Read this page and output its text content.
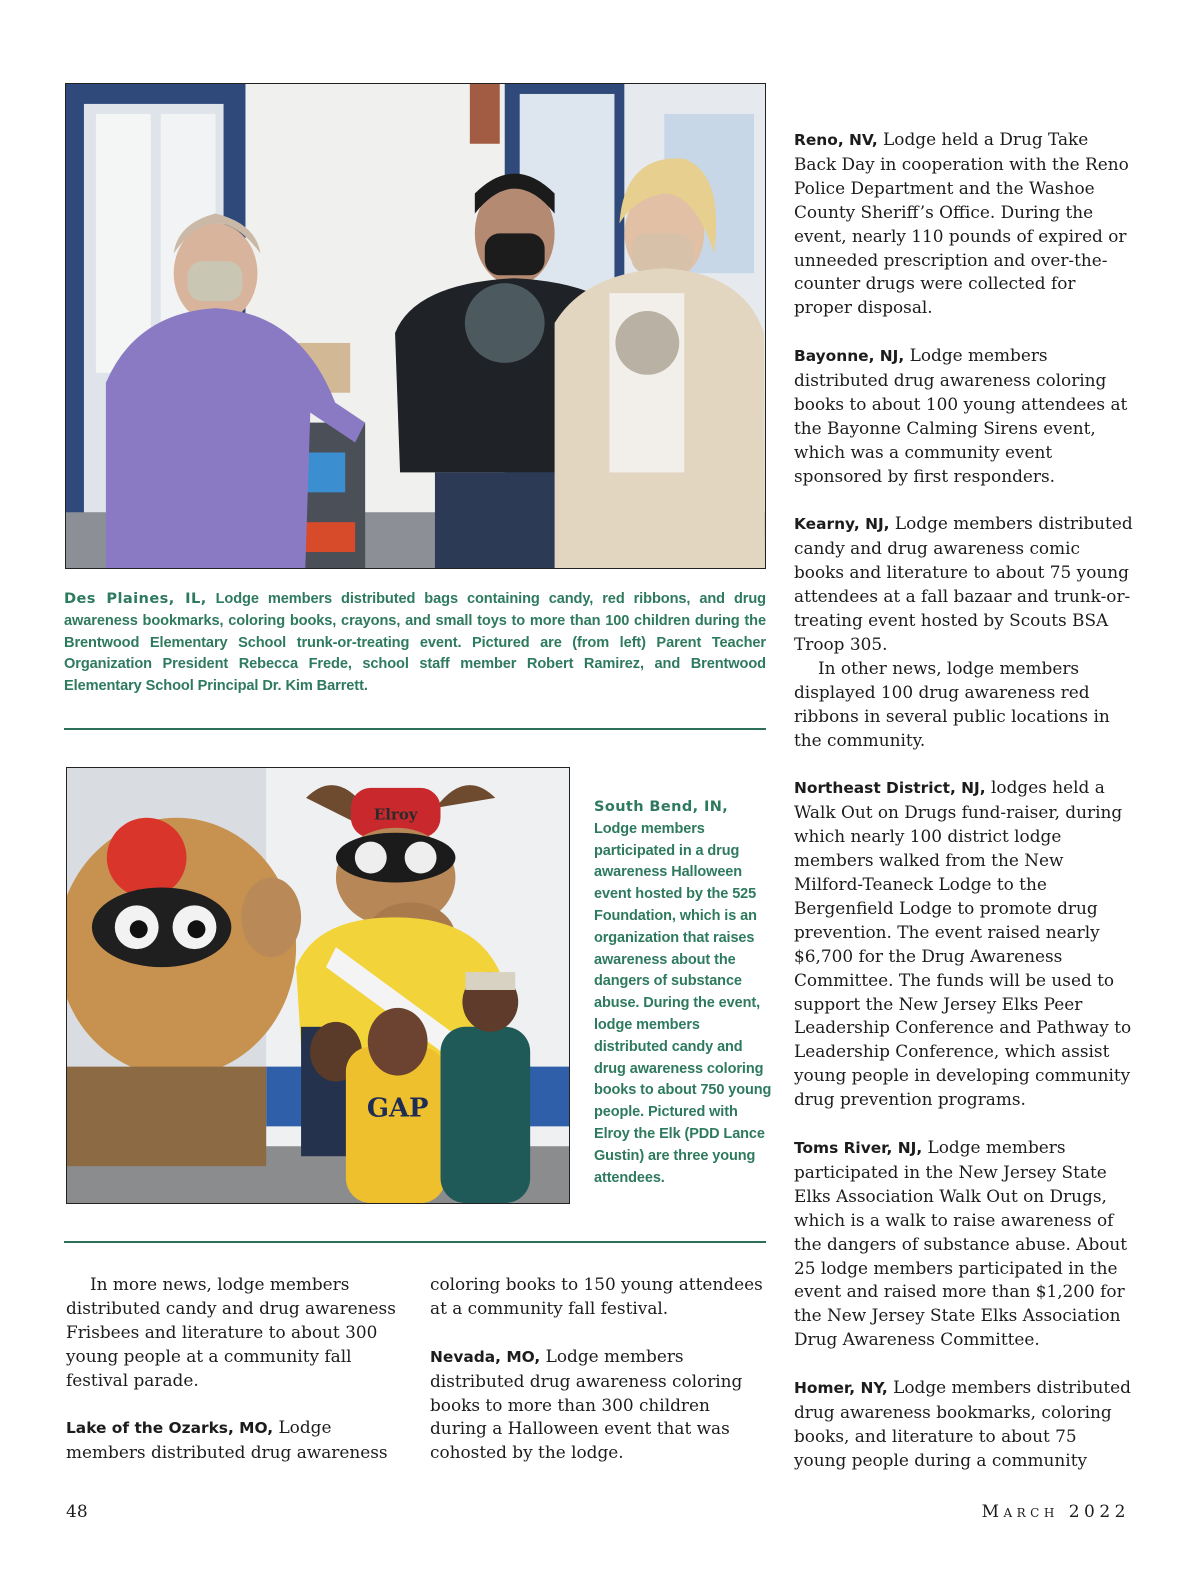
Des Plaines, IL, Lodge members distributed bags containing candy, red ribbons, and drug awareness bookmarks, coloring books, crayons, and small toys to more than 100 children during the Brentwood Elementary School trunk-or-treating event. Pictured are (from left) Parent Teacher Organization President Rebecca Frede, school staff member Robert Ramirez, and Brentwood Elementary School Principal Dr. Kim Barrett.
Elroy
GAP
South Bend, IN, Lodge members participated in a drug awareness Halloween event hosted by the 525 Foundation, which is an organization that raises awareness about the dangers of substance abuse. During the event, lodge members distributed candy and drug awareness coloring books to about 750 young people. Pictured with Elroy the Elk (PDD Lance Gustin) are three young attendees.

In more news, lodge members distributed candy and drug awareness Frisbees and literature to about 300 young people at a community fall festival parade.

Lake of the Ozarks, MO, Lodge members distributed drug awareness

coloring books to 150 young attendees at a community fall festival.

Nevada, MO, Lodge members distributed drug awareness coloring books to more than 300 children during a Halloween event that was cohosted by the lodge.

Reno, NV, Lodge held a Drug Take Back Day in cooperation with the Reno Police Department and the Washoe County Sheriff’s Office. During the event, nearly 110 pounds of expired or unneeded prescription and over-the-counter drugs were collected for proper disposal.

Bayonne, NJ, Lodge members distributed drug awareness coloring books to about 100 young attendees at the Bayonne Calming Sirens event, which was a community event sponsored by first responders.

Kearny, NJ, Lodge members distributed candy and drug awareness comic books and literature to about 75 young attendees at a fall bazaar and trunk-or-treating event hosted by Scouts BSA Troop 305.

In other news, lodge members displayed 100 drug awareness red ribbons in several public locations in the community.

Northeast District, NJ, lodges held a Walk Out on Drugs fund-raiser, during which nearly 100 district lodge members walked from the New Milford-Teaneck Lodge to the Bergenfield Lodge to promote drug prevention. The event raised nearly $6,700 for the Drug Awareness Committee. The funds will be used to support the New Jersey Elks Peer Leadership Conference and Pathway to Leadership Conference, which assist young people in developing community drug prevention programs.

Toms River, NJ, Lodge members participated in the New Jersey State Elks Association Walk Out on Drugs, which is a walk to raise awareness of the dangers of substance abuse. About 25 lodge members participated in the event and raised more than $1,200 for the New Jersey State Elks Association Drug Awareness Committee.

Homer, NY, Lodge members distributed drug awareness bookmarks, coloring books, and literature to about 75 young people during a community

48	March 2022
